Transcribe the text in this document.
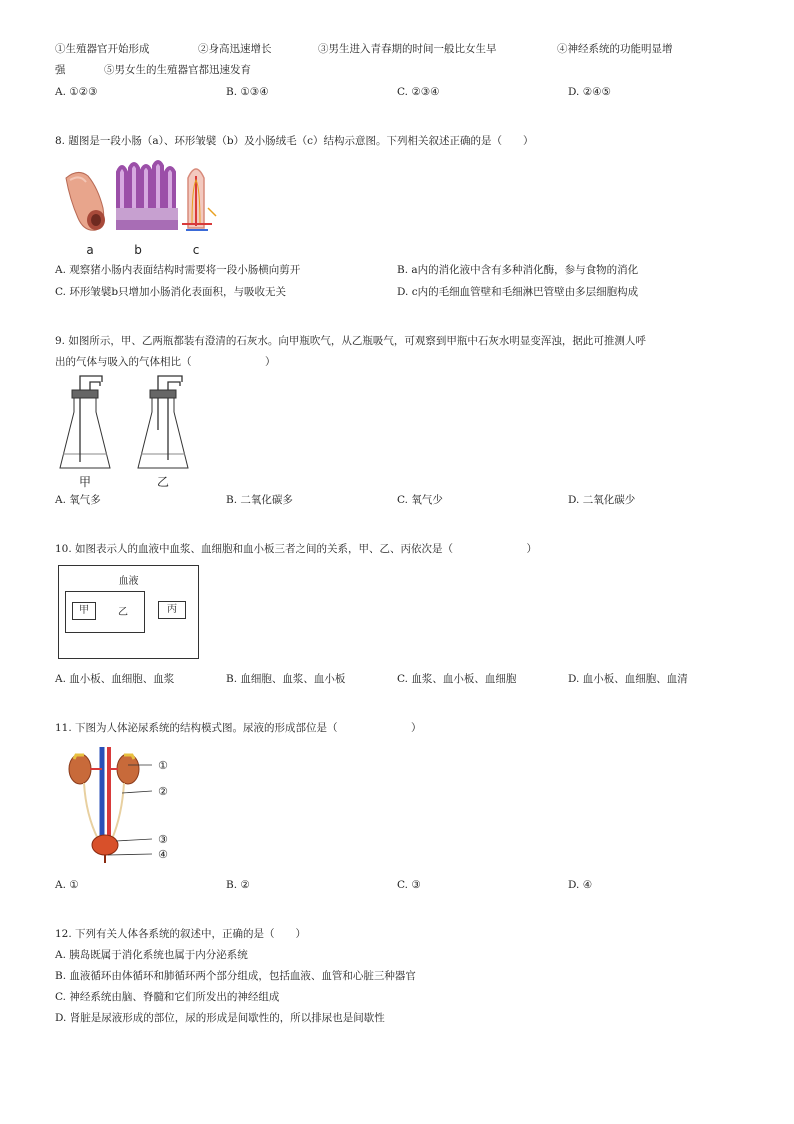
①生殖器官开始形成	②身高迅速增长	③男生进入青春期的时间一般比女生早	④神经系统的功能明显增
强	⑤男女生的生殖器官都迅速发育
A. ①②③	B. ①③④	C. ②③④	D. ②④⑤
8. 题图是一段小肠（a）、环形皱襞（b）及小肠绒毛（c）结构示意图。下列相关叙述正确的是（　　）
a	b	c
A. 观察猪小肠内表面结构时需要将一段小肠横向剪开	B. a内的消化液中含有多种消化酶，参与食物的消化
C. 环形皱襞b只增加小肠消化表面积，与吸收无关	D. c内的毛细血管壁和毛细淋巴管壁由多层细胞构成
9. 如图所示，甲、乙两瓶都装有澄清的石灰水。向甲瓶吹气，从乙瓶吸气，可观察到甲瓶中石灰水明显变浑浊，据此可推测人呼
出的气体与吸入的气体相比（　　　　　　　）
甲	乙
A. 氧气多	B. 二氧化碳多	C. 氧气少	D. 二氧化碳少
10. 如图表示人的血液中血浆、血细胞和血小板三者之间的关系，甲、乙、丙依次是（　　　　　　　）
血液
甲	乙	丙
A. 血小板、血细胞、血浆	B. 血细胞、血浆、血小板	C. 血浆、血小板、血细胞	D. 血小板、血细胞、血清
11. 下图为人体泌尿系统的结构模式图。尿液的形成部位是（　　　　　　　）
①
②
③
④
A. ①	B. ②	C. ③	D. ④
12. 下列有关人体各系统的叙述中，正确的是（　　）
A. 胰岛既属于消化系统也属于内分泌系统
B. 血液循环由体循环和肺循环两个部分组成，包括血液、血管和心脏三种器官
C. 神经系统由脑、脊髓和它们所发出的神经组成
D. 肾脏是尿液形成的部位，尿的形成是间歇性的，所以排尿也是间歇性
